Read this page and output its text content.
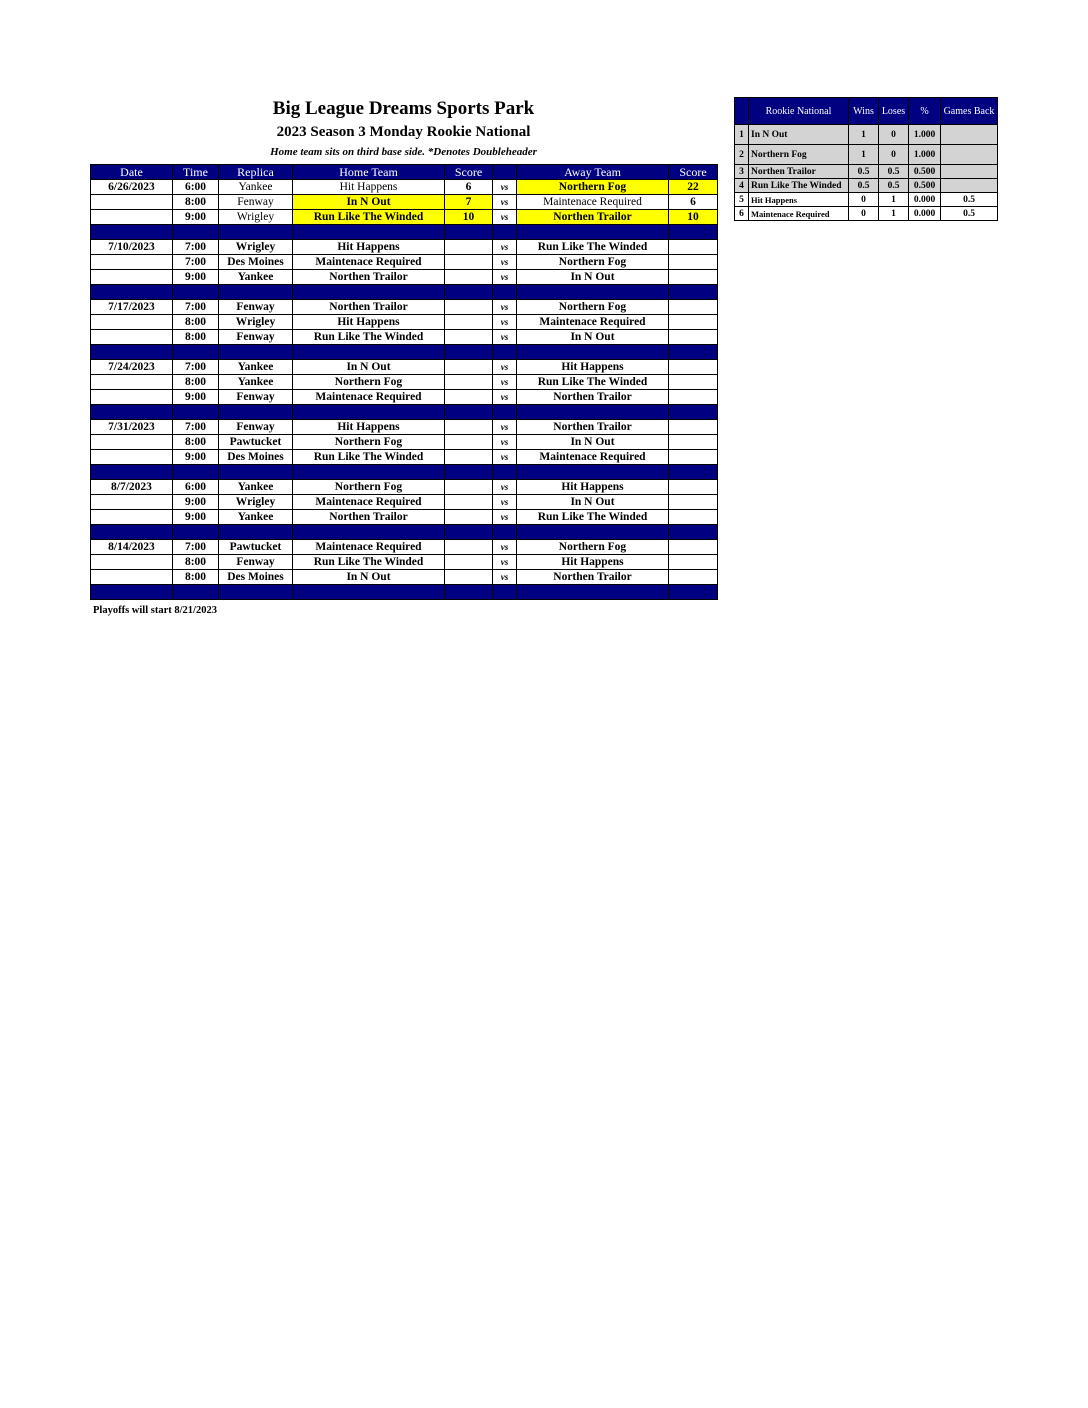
Big League Dreams Sports Park
2023 Season 3 Monday Rookie National
Home team sits on third base side. *Denotes Doubleheader
Date	Time	Replica	Home Team	Score		Away Team	Score
6/26/2023	6:00	Yankee	Hit Happens	6	vs	Northern Fog	22
	8:00	Fenway	In N Out	7	vs	Maintenace Required	6
	9:00	Wrigley	Run Like The Winded	10	vs	Northen Trailor	10

7/10/2023	7:00	Wrigley	Hit Happens		vs	Run Like The Winded	
	7:00	Des Moines	Maintenace Required		vs	Northern Fog	
	9:00	Yankee	Northen Trailor		vs	In N Out	

7/17/2023	7:00	Fenway	Northen Trailor		vs	Northern Fog	
	8:00	Wrigley	Hit Happens		vs	Maintenace Required	
	8:00	Fenway	Run Like The Winded		vs	In N Out	

7/24/2023	7:00	Yankee	In N Out		vs	Hit Happens	
	8:00	Yankee	Northern Fog		vs	Run Like The Winded	
	9:00	Fenway	Maintenace Required		vs	Northen Trailor	

7/31/2023	7:00	Fenway	Hit Happens		vs	Northen Trailor	
	8:00	Pawtucket	Northern Fog		vs	In N Out	
	9:00	Des Moines	Run Like The Winded		vs	Maintenace Required	

8/7/2023	6:00	Yankee	Northern Fog		vs	Hit Happens	
	9:00	Wrigley	Maintenace Required		vs	In N Out	
	9:00	Yankee	Northen Trailor		vs	Run Like The Winded	

8/14/2023	7:00	Pawtucket	Maintenace Required		vs	Northern Fog	
	8:00	Fenway	Run Like The Winded		vs	Hit Happens	
	8:00	Des Moines	In N Out		vs	Northen Trailor	

Playoffs will start 8/21/2023
	Rookie National	Wins	Loses	%	Games Back
1	In N Out	1	0	1.000	
2	Northern Fog	1	0	1.000	
3	Northen Trailor	0.5	0.5	0.500	
4	Run Like The Winded	0.5	0.5	0.500	
5	Hit Happens	0	1	0.000	0.5
6	Maintenace Required	0	1	0.000	0.5
